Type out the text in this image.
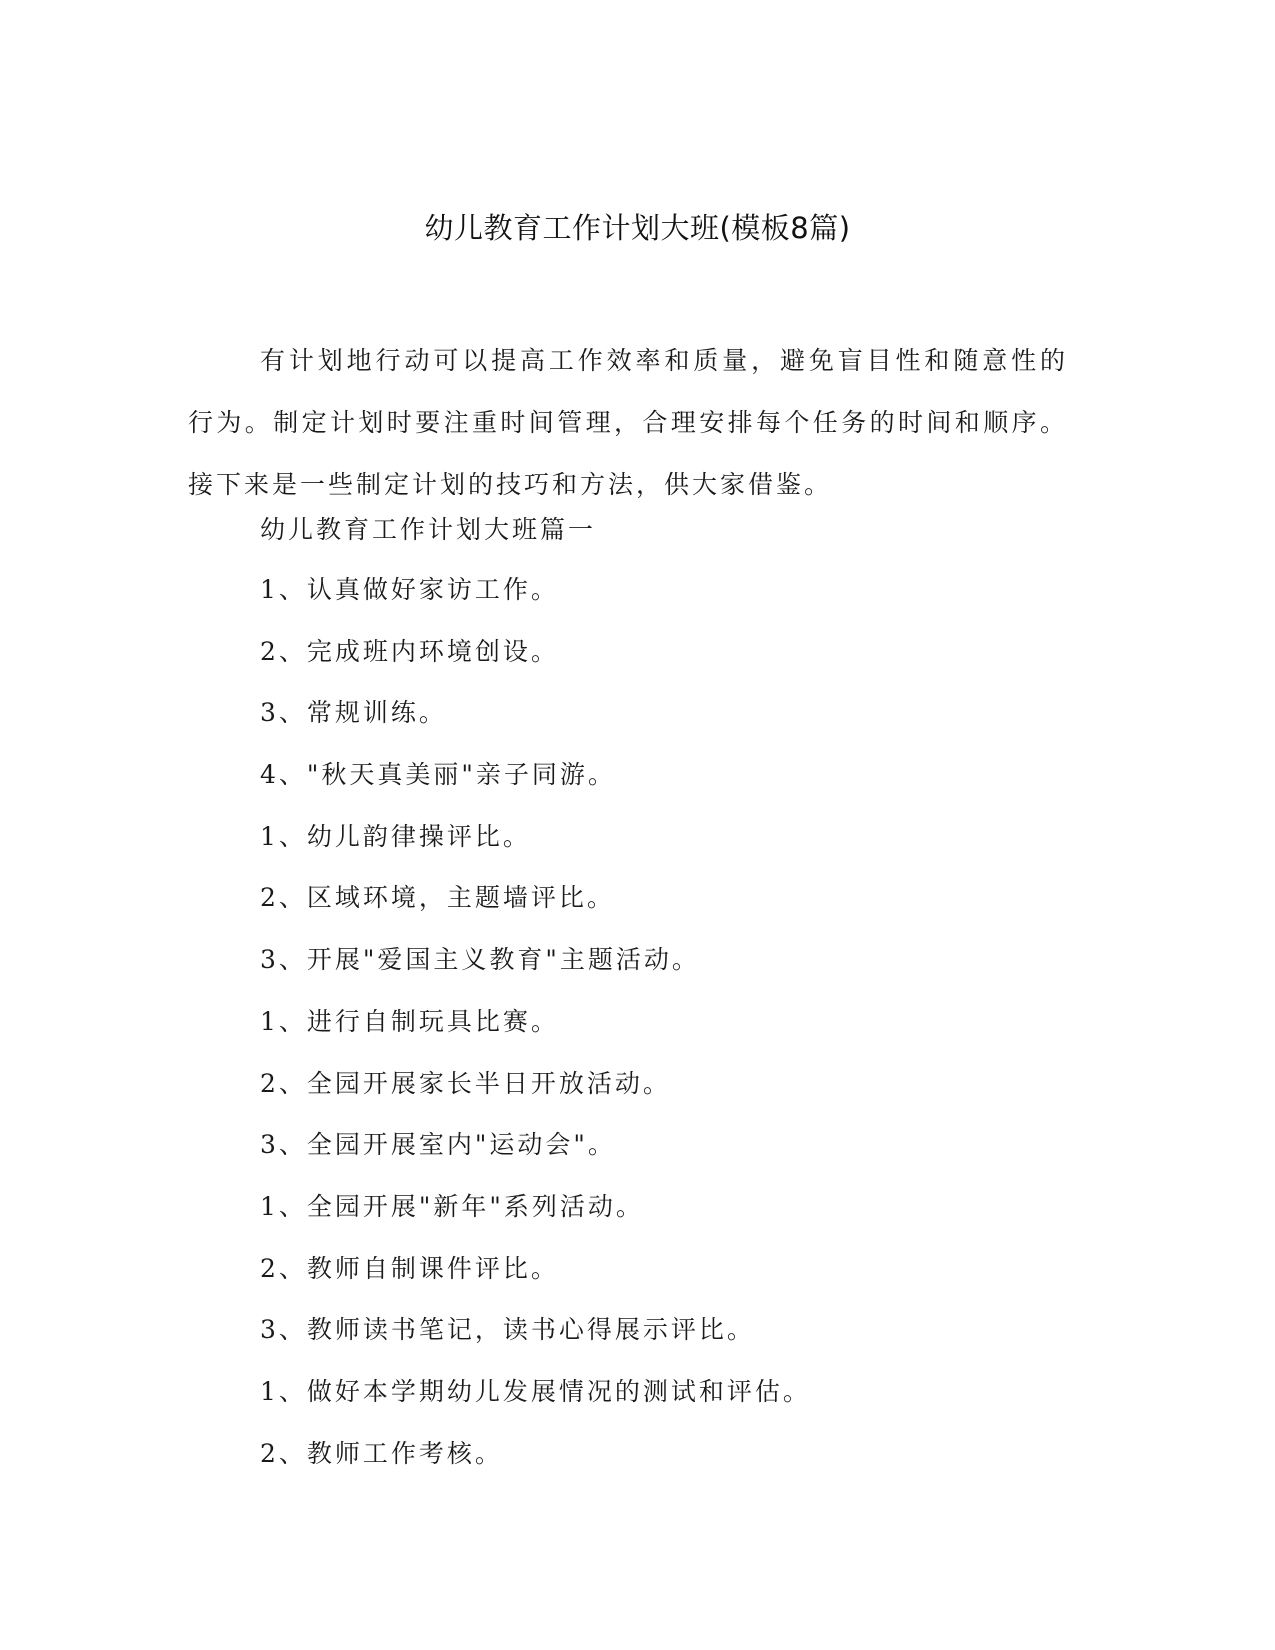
幼儿教育工作计划大班(模板8篇)

有计划地行动可以提高工作效率和质量，避免盲目性和随意性的行为。制定计划时要注重时间管理，合理安排每个任务的时间和顺序。接下来是一些制定计划的技巧和方法，供大家借鉴。

幼儿教育工作计划大班篇一
1、认真做好家访工作。
2、完成班内环境创设。
3、常规训练。
4、"秋天真美丽"亲子同游。
1、幼儿韵律操评比。
2、区域环境，主题墙评比。
3、开展"爱国主义教育"主题活动。
1、进行自制玩具比赛。
2、全园开展家长半日开放活动。
3、全园开展室内"运动会"。
1、全园开展"新年"系列活动。
2、教师自制课件评比。
3、教师读书笔记，读书心得展示评比。
1、做好本学期幼儿发展情况的测试和评估。
2、教师工作考核。
